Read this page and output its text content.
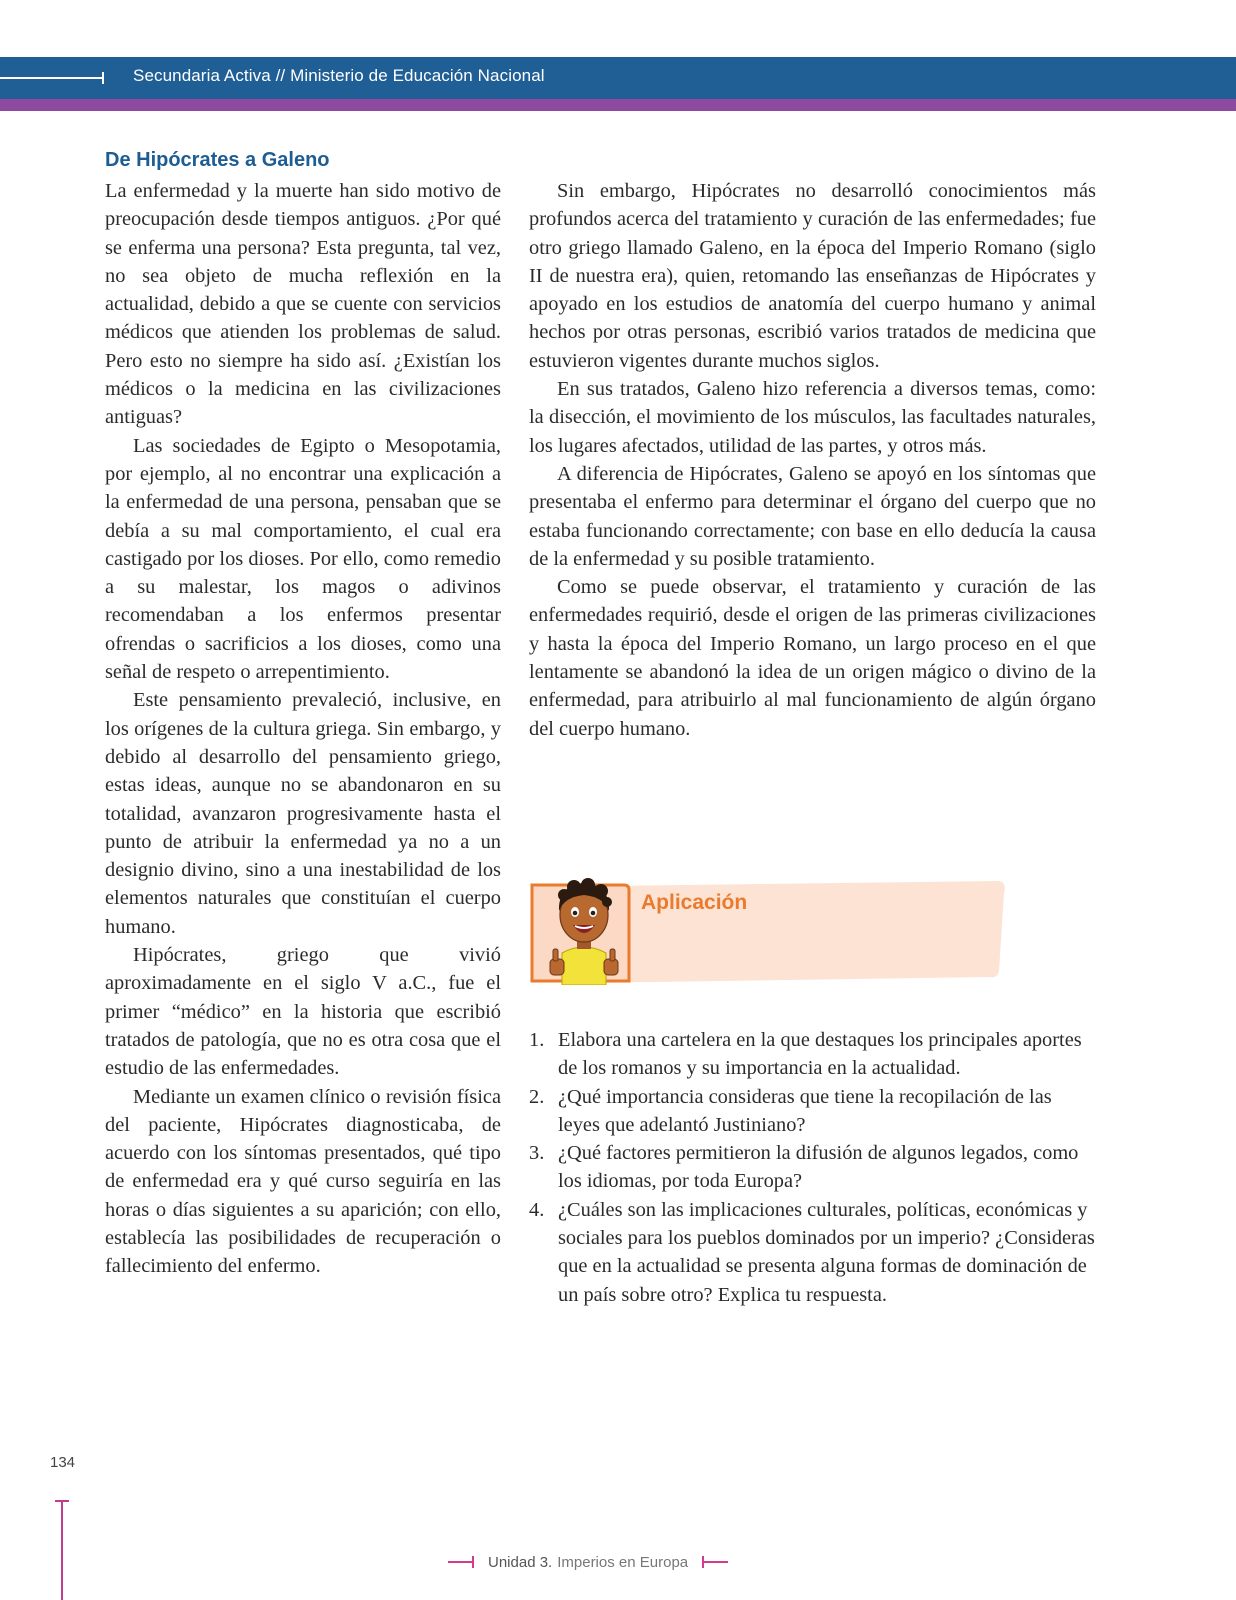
Secundaria Activa // Ministerio de Educación Nacional
De Hipócrates a Galeno

La enfermedad y la muerte han sido motivo de preocupación desde tiempos antiguos. ¿Por qué se enferma una persona? Esta pregunta, tal vez, no sea objeto de mucha reflexión en la actualidad, debido a que se cuente con servicios médicos que atienden los problemas de salud. Pero esto no siempre ha sido así. ¿Existían los médicos o la medicina en las civilizaciones antiguas?

Las sociedades de Egipto o Mesopotamia, por ejemplo, al no encontrar una explicación a la enfermedad de una persona, pensaban que se debía a su mal comportamiento, el cual era castigado por los dioses. Por ello, como remedio a su malestar, los magos o adivinos recomendaban a los enfermos presentar ofrendas o sacrificios a los dioses, como una señal de respeto o arrepentimiento.

Este pensamiento prevaleció, inclusive, en los orígenes de la cultura griega. Sin embargo, y debido al desarrollo del pensamiento griego, estas ideas, aunque no se abandonaron en su totalidad, avanzaron progresivamente hasta el punto de atribuir la enfermedad ya no a un designio divino, sino a una inestabilidad de los elementos naturales que constituían el cuerpo humano.

Hipócrates, griego que vivió aproximadamente en el siglo V a.C., fue el primer “médico” en la historia que escribió tratados de patología, que no es otra cosa que el estudio de las enfermedades.

Mediante un examen clínico o revisión física del paciente, Hipócrates diagnosticaba, de acuerdo con los síntomas presentados, qué tipo de enfermedad era y qué curso seguiría en las horas o días siguientes a su aparición; con ello, establecía las posibilidades de recuperación o fallecimiento del enfermo.

Sin embargo, Hipócrates no desarrolló conocimientos más profundos acerca del tratamiento y curación de las enfermedades; fue otro griego llamado Galeno, en la época del Imperio Romano (siglo II de nuestra era), quien, retomando las enseñanzas de Hipócrates y apoyado en los estudios de anatomía del cuerpo humano y animal hechos por otras personas, escribió varios tratados de medicina que estuvieron vigentes durante muchos siglos.

En sus tratados, Galeno hizo referencia a diversos temas, como: la disección, el movimiento de los músculos, las facultades naturales, los lugares afectados, utilidad de las partes, y otros más.

A diferencia de Hipócrates, Galeno se apoyó en los síntomas que presentaba el enfermo para determinar el órgano del cuerpo que no estaba funcionando correctamente; con base en ello deducía la causa de la enfermedad y su posible tratamiento.

Como se puede observar, el tratamiento y curación de las enfermedades requirió, desde el origen de las primeras civilizaciones y hasta la época del Imperio Romano, un largo proceso en el que lentamente se abandonó la idea de un origen mágico o divino de la enfermedad, para atribuirlo al mal funcionamiento de algún órgano del cuerpo humano.

Aplicación
1. Elabora una cartelera en la que destaques los principales aportes de los romanos y su importancia en la actualidad.
2. ¿Qué importancia consideras que tiene la recopilación de las leyes que adelantó Justiniano?
3. ¿Qué factores permitieron la difusión de algunos legados, como los idiomas, por toda Europa?
4. ¿Cuáles son las implicaciones culturales, políticas, económicas y sociales para los pueblos dominados por un imperio? ¿Consideras que en la actualidad se presenta alguna formas de dominación de un país sobre otro? Explica tu respuesta.
134
Unidad 3. Imperios en Europa
